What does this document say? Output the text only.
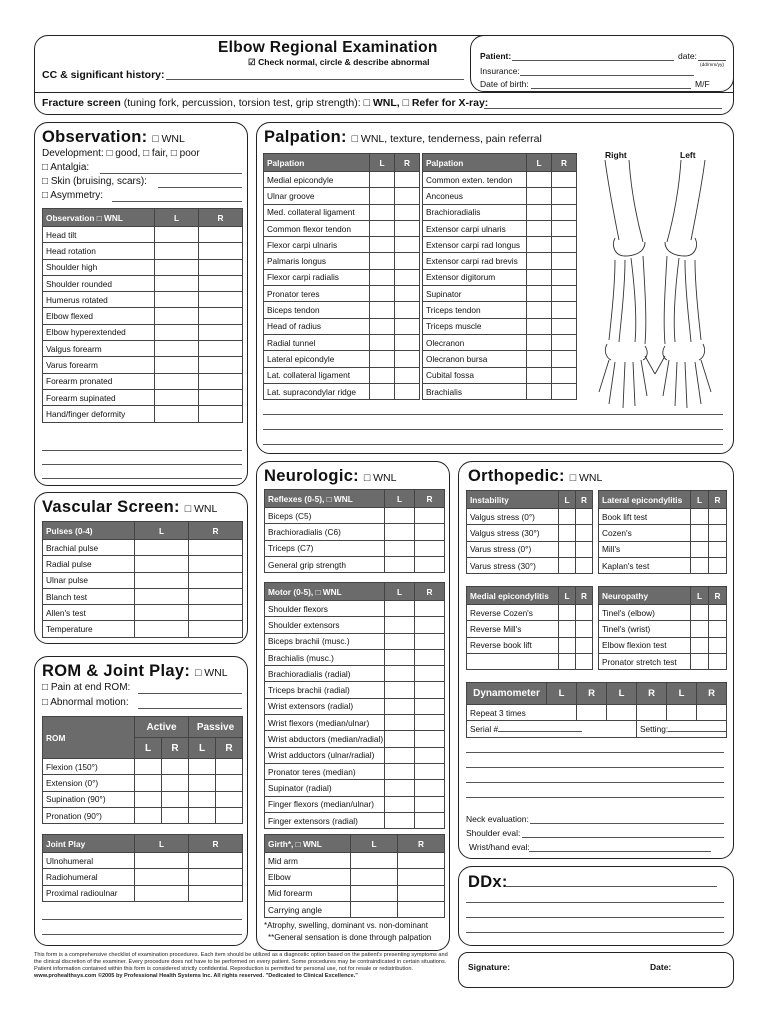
Elbow Regional Examination
☑ Check normal, circle & describe abnormal
CC & significant history:
Patient:	date:
(dd/mm/yy)
Insurance:
Date of birth:	M/F
Fracture screen (tuning fork, percussion, torsion test, grip strength): □ WNL, □ Refer for X-ray:
Observation: □ WNL
Development: □ good, □ fair, □ poor
□ Antalgia:
□ Skin (bruising, scars):
□ Asymmetry:
Observation □ WNL	L	R
Head tilt		
Head rotation		
Shoulder high		
Shoulder rounded		
Humerus rotated		
Elbow flexed		
Elbow hyperextended		
Valgus forearm		
Varus forearm		
Forearm pronated		
Forearm supinated		
Hand/finger deformity		
Palpation: □ WNL, texture, tenderness, pain referral
Palpation	L	R
Medial epicondyle		
Ulnar groove		
Med. collateral ligament		
Common flexor tendon		
Flexor carpi ulnaris		
Palmaris longus		
Flexor carpi radialis		
Pronator teres		
Biceps tendon		
Head of radius		
Radial tunnel		
Lateral epicondyle		
Lat. collateral ligament		
Lat. supracondylar ridge		
Palpation	L	R
Common exten. tendon		
Anconeus		
Brachioradialis		
Extensor carpi ulnaris		
Extensor carpi rad longus		
Extensor carpi rad brevis		
Extensor digitorum		
Supinator		
Triceps tendon		
Triceps muscle		
Olecranon		
Olecranon bursa		
Cubital fossa		
Brachialis		
Right	Left
Vascular Screen: □ WNL
Pulses (0-4)	L	R
Brachial pulse		
Radial pulse		
Ulnar pulse		
Blanch test		
Allen's test		
Temperature		
ROM & Joint Play: □ WNL
□ Pain at end ROM:
□ Abnormal motion:
ROM	Active		Passive	
	L	R	L	R
Flexion (150°)				
Extension (0°)				
Supination (90°)				
Pronation (90°)				
Joint Play	L	R
Ulnohumeral		
Radiohumeral		
Proximal radioulnar		
Neurologic: □ WNL
Reflexes (0-5), □ WNL	L	R
Biceps (C5)		
Brachioradialis (C6)		
Triceps (C7)		
General grip strength		
Motor (0-5), □ WNL	L	R
Shoulder flexors		
Shoulder extensors		
Biceps brachii (musc.)		
Brachialis (musc.)		
Brachioradialis (radial)		
Triceps brachii (radial)		
Wrist extensors (radial)		
Wrist flexors (median/ulnar)		
Wrist abductors (median/radial)		
Wrist adductors (ulnar/radial)		
Pronator teres (median)		
Supinator (radial)		
Finger flexors (median/ulnar)		
Finger extensors (radial)		
Girth*, □ WNL	L	R
Mid arm		
Elbow		
Mid forearm		
Carrying angle		
*Atrophy, swelling, dominant vs. non-dominant
**General sensation is done through palpation
Orthopedic: □ WNL
Instability	L	R
Valgus stress (0°)		
Valgus stress (30°)		
Varus stress (0°)		
Varus stress (30°)		
Lateral epicondylitis	L	R
Book lift test		
Cozen's		
Mill's		
Kaplan's test		
Medial epicondylitis	L	R
Reverse Cozen's		
Reverse Mill's		
Reverse book lift		

Neuropathy	L	R
Tinel's (elbow)		
Tinel's (wrist)		
Elbow flexion test		
Pronator stretch test		
Dynamometer	L	R	L	R	L	R
Repeat 3 times						
Serial #				Setting:		
Neck evaluation:
Shoulder eval:
Wrist/hand eval:
DDx:
This form is a comprehensive checklist of examination procedures. Each item should be utilized as a diagnostic option based on the patient's presenting symptoms and the clinical discretion of the examiner. Every procedure does not have to be performed on every patient. Some procedures may be contraindicated in certain situations. Patient information contained within this form is considered strictly confidential. Reproduction is permitted for personal use, not for resale or redistribution. www.prohealthsys.com ©2005 by Professional Health Systems Inc. All rights reserved. "Dedicated to Clinical Excellence."
Signature:	Date:
